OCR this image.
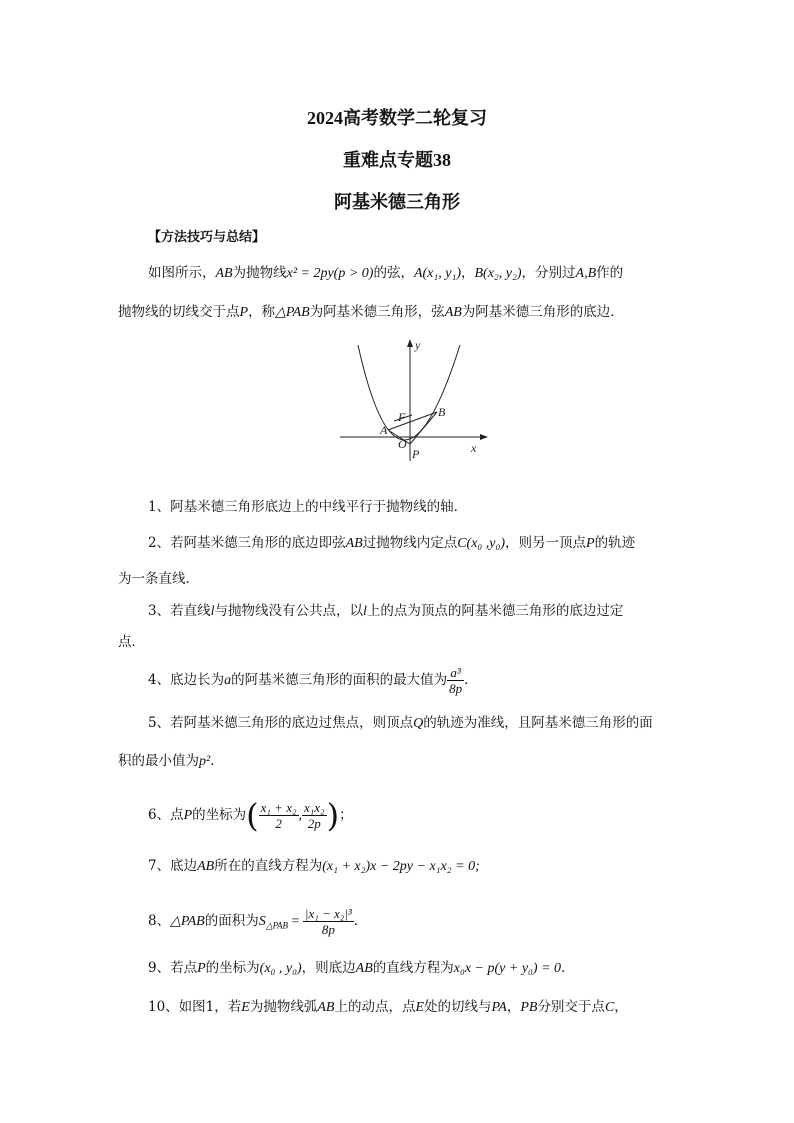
2024高考数学二轮复习
重难点专题38
阿基米德三角形
【方法技巧与总结】
如图所示，AB为抛物线x² = 2py(p > 0)的弦，A(x₁, y₁)，B(x₂, y₂)，分别过A,B作的
抛物线的切线交于点P，称△PAB为阿基米德三角形，弦AB为阿基米德三角形的底边．
y
x
B
F
A
O
P
1、阿基米德三角形底边上的中线平行于抛物线的轴．
2、若阿基米德三角形的底边即弦AB过抛物线内定点C(x₀ ,y₀)，则另一顶点P的轨迹
为一条直线．
3、若直线l与抛物线没有公共点，以l上的点为顶点的阿基米德三角形的底边过定
点．
4、底边长为a的阿基米德三角形的面积的最大值为 $\frac{\text{a³}}{8p}$ ．
5、若阿基米德三角形的底边过焦点，则顶点Q的轨迹为准线，且阿基米德三角形的面
积的最小值为p²．
6、点P的坐标为( $\frac{\text{x₁ + x₂}}{2}$ , $\frac{\text{x₁x₂}}{2p}$ )；
7、底边AB所在的直线方程为(x₁ + x₂)x − 2py − x₁x₂ = 0;
8、△PAB的面积为$S_{\triangle PAB} = \frac{\text{|x₁ − x₂|³}}{8p}$ ．
9、若点P的坐标为(x₀ , y₀)，则底边AB的直线方程为x₀x − p(y + y₀) = 0．
10、如图1，若E为抛物线弧AB上的动点，点E处的切线与PA，PB分别交于点C，
